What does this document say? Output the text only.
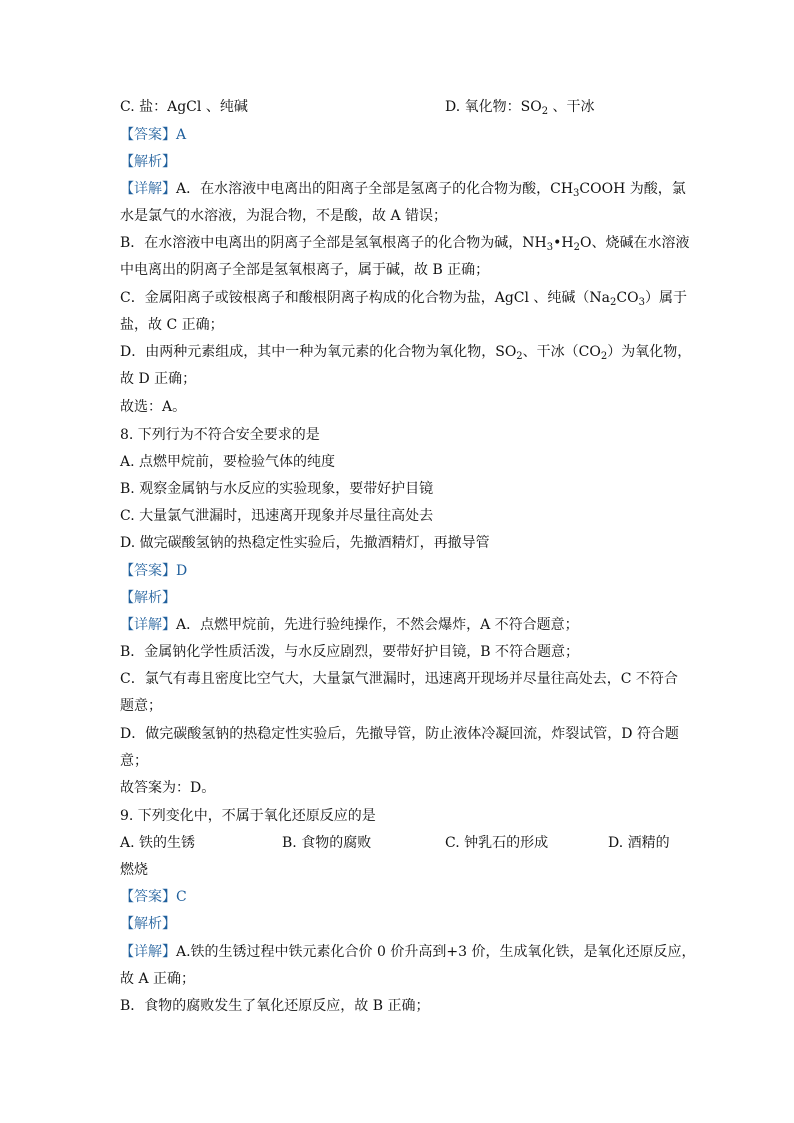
C. 盐：AgCl 、纯碱	D. 氧化物：$SO_2$ 、干冰
【答案】A
【解析】
【详解】A．在水溶液中电离出的阳离子全部是氢离子的化合物为酸，$CH_3COOH$ 为酸，氯
水是氯气的水溶液，为混合物，不是酸，故 A 错误；
B．在水溶液中电离出的阴离子全部是氢氧根离子的化合物为碱，$NH_3•H_2O$、烧碱在水溶液
中电离出的阴离子全部是氢氧根离子，属于碱，故 B 正确；
C．金属阳离子或铵根离子和酸根阴离子构成的化合物为盐，AgCl 、纯碱$(Na_2CO_3)$属于
盐，故 C 正确；
D．由两种元素组成，其中一种为氧元素的化合物为氧化物，$SO_2$、干冰$(CO_2)$为氧化物，
故 D 正确；
故选：A。
8. 下列行为不符合安全要求的是
A. 点燃甲烷前，要检验气体的纯度
B. 观察金属钠与水反应的实验现象，要带好护目镜
C. 大量氯气泄漏时，迅速离开现象并尽量往高处去
D. 做完碳酸氢钠的热稳定性实验后，先撤酒精灯，再撤导管
【答案】D
【解析】
【详解】A．点燃甲烷前，先进行验纯操作，不然会爆炸，A 不符合题意；
B．金属钠化学性质活泼，与水反应剧烈，要带好护目镜，B 不符合题意；
C．氯气有毒且密度比空气大，大量氯气泄漏时，迅速离开现场并尽量往高处去，C 不符合
题意；
D．做完碳酸氢钠的热稳定性实验后，先撤导管，防止液体冷凝回流，炸裂试管，D 符合题
意；
故答案为：D。
9. 下列变化中，不属于氧化还原反应的是
A. 铁的生锈	B. 食物的腐败	C. 钟乳石的形成	D. 酒精的
燃烧
【答案】C
【解析】
【详解】A.铁的生锈过程中铁元素化合价 0 价升高到+3 价，生成氧化铁，是氧化还原反应，
故 A 正确；
B．食物的腐败发生了氧化还原反应，故 B 正确；
